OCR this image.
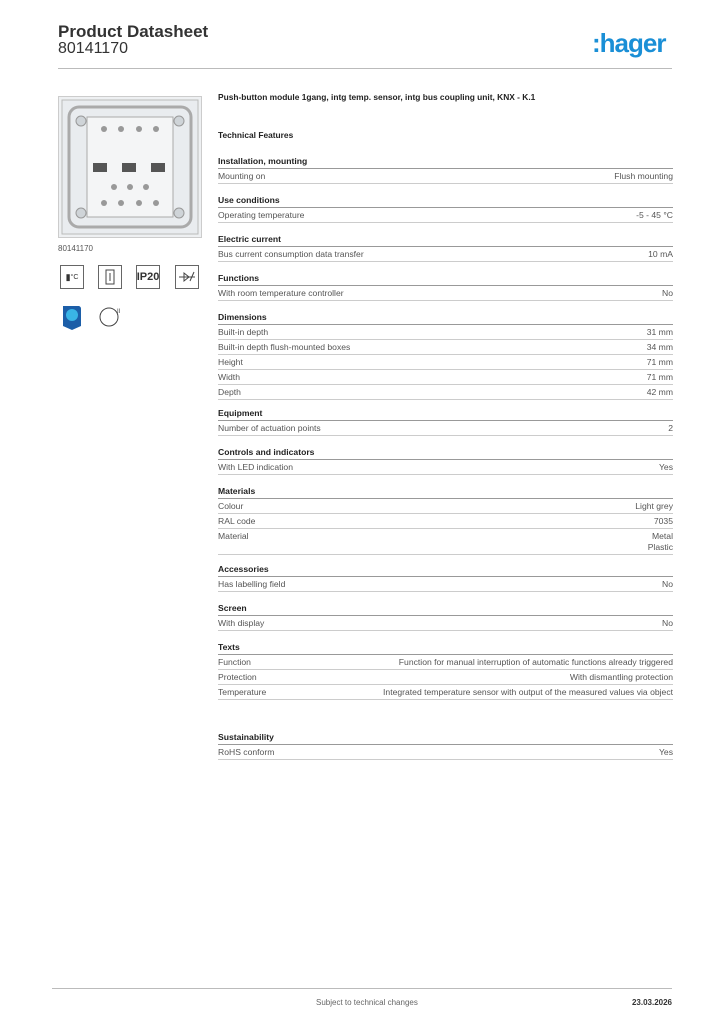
Product Datasheet
80141170	:hager
80141170
▮ °C	IP20
II
Push-button module 1gang, intg temp. sensor, intg bus coupling unit, KNX - K.1
Technical Features
Installation, mounting
Mounting on	Flush mounting
Use conditions
Operating temperature	-5 - 45 °C
Electric current
Bus current consumption data transfer	10 mA
Functions
With room temperature controller	No
Dimensions
Built-in depth	31 mm
Built-in depth flush-mounted boxes	34 mm
Height	71 mm
Width	71 mm
Depth	42 mm
Equipment
Number of actuation points	2
Controls and indicators
With LED indication	Yes
Materials
Colour	Light grey
RAL code	7035
Material	Metal
Plastic
Accessories
Has labelling field	No
Screen
With display	No
Texts
Function	Function for manual interruption of automatic functions already triggered
Protection	With dismantling protection
Temperature	Integrated temperature sensor with output of the measured values via object
Sustainability
RoHS conform	Yes
Subject to technical changes	23.03.2026
